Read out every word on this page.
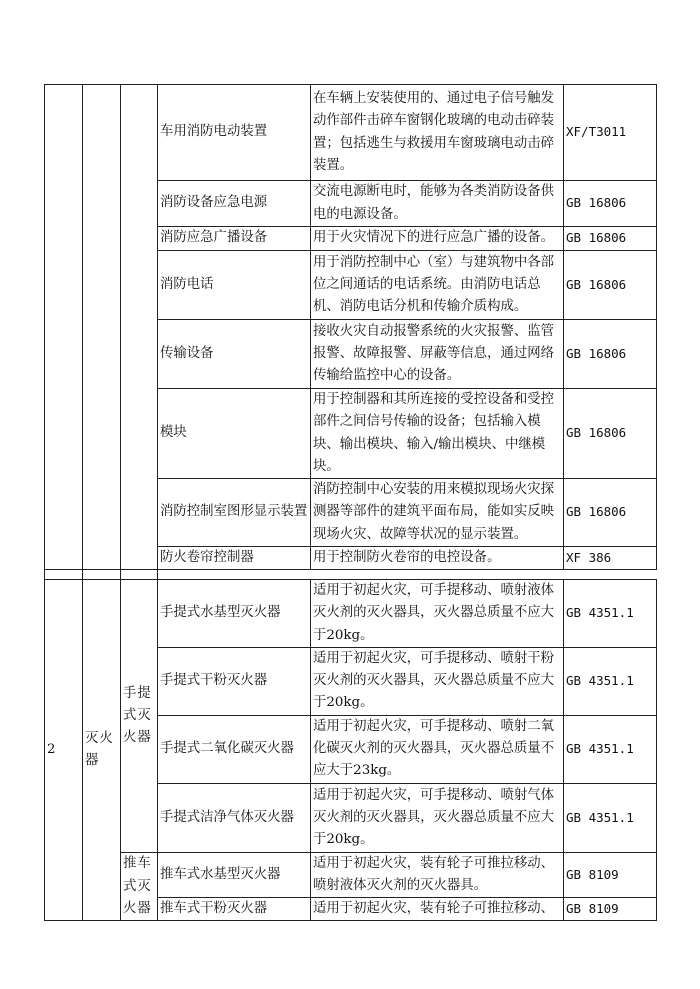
			车用消防电动装置	在车辆上安装使用的、通过电子信号触发动作部件击碎车窗钢化玻璃的电动击碎装置；包括逃生与救援用车窗玻璃电动击碎装置。	XF/T3011
			消防设备应急电源	交流电源断电时，能够为各类消防设备供电的电源设备。	GB 16806
			消防应急广播设备	用于火灾情况下的进行应急广播的设备。	GB 16806
			消防电话	用于消防控制中心（室）与建筑物中各部位之间通话的电话系统。由消防电话总机、消防电话分机和传输介质构成。	GB 16806
			传输设备	接收火灾自动报警系统的火灾报警、监管报警、故障报警、屏蔽等信息，通过网络传输给监控中心的设备。	GB 16806
			模块	用于控制器和其所连接的受控设备和受控部件之间信号传输的设备；包括输入模块、输出模块、输入/输出模块、中继模块。	GB 16806
			消防控制室图形显示装置	消防控制中心安装的用来模拟现场火灾探测器等部件的建筑平面布局，能如实反映现场火灾、故障等状况的显示装置。	GB 16806
			防火卷帘控制器	用于控制防火卷帘的电控设备。	XF 386

2	灭火器	手提式灭火器	手提式水基型灭火器	适用于初起火灾，可手提移动、喷射液体灭火剂的灭火器具，灭火器总质量不应大于20kg。	GB 4351.1
			手提式干粉灭火器	适用于初起火灾，可手提移动、喷射干粉灭火剂的灭火器具，灭火器总质量不应大于20kg。	GB 4351.1
			手提式二氧化碳灭火器	适用于初起火灾，可手提移动、喷射二氧化碳灭火剂的灭火器具，灭火器总质量不应大于23kg。	GB 4351.1
			手提式洁净气体灭火器	适用于初起火灾，可手提移动、喷射气体灭火剂的灭火器具，灭火器总质量不应大于20kg。	GB 4351.1
		推车式灭火器	推车式水基型灭火器	适用于初起火灾，装有轮子可推拉移动、喷射液体灭火剂的灭火器具。	GB 8109
			推车式干粉灭火器	适用于初起火灾，装有轮子可推拉移动、	GB 8109
